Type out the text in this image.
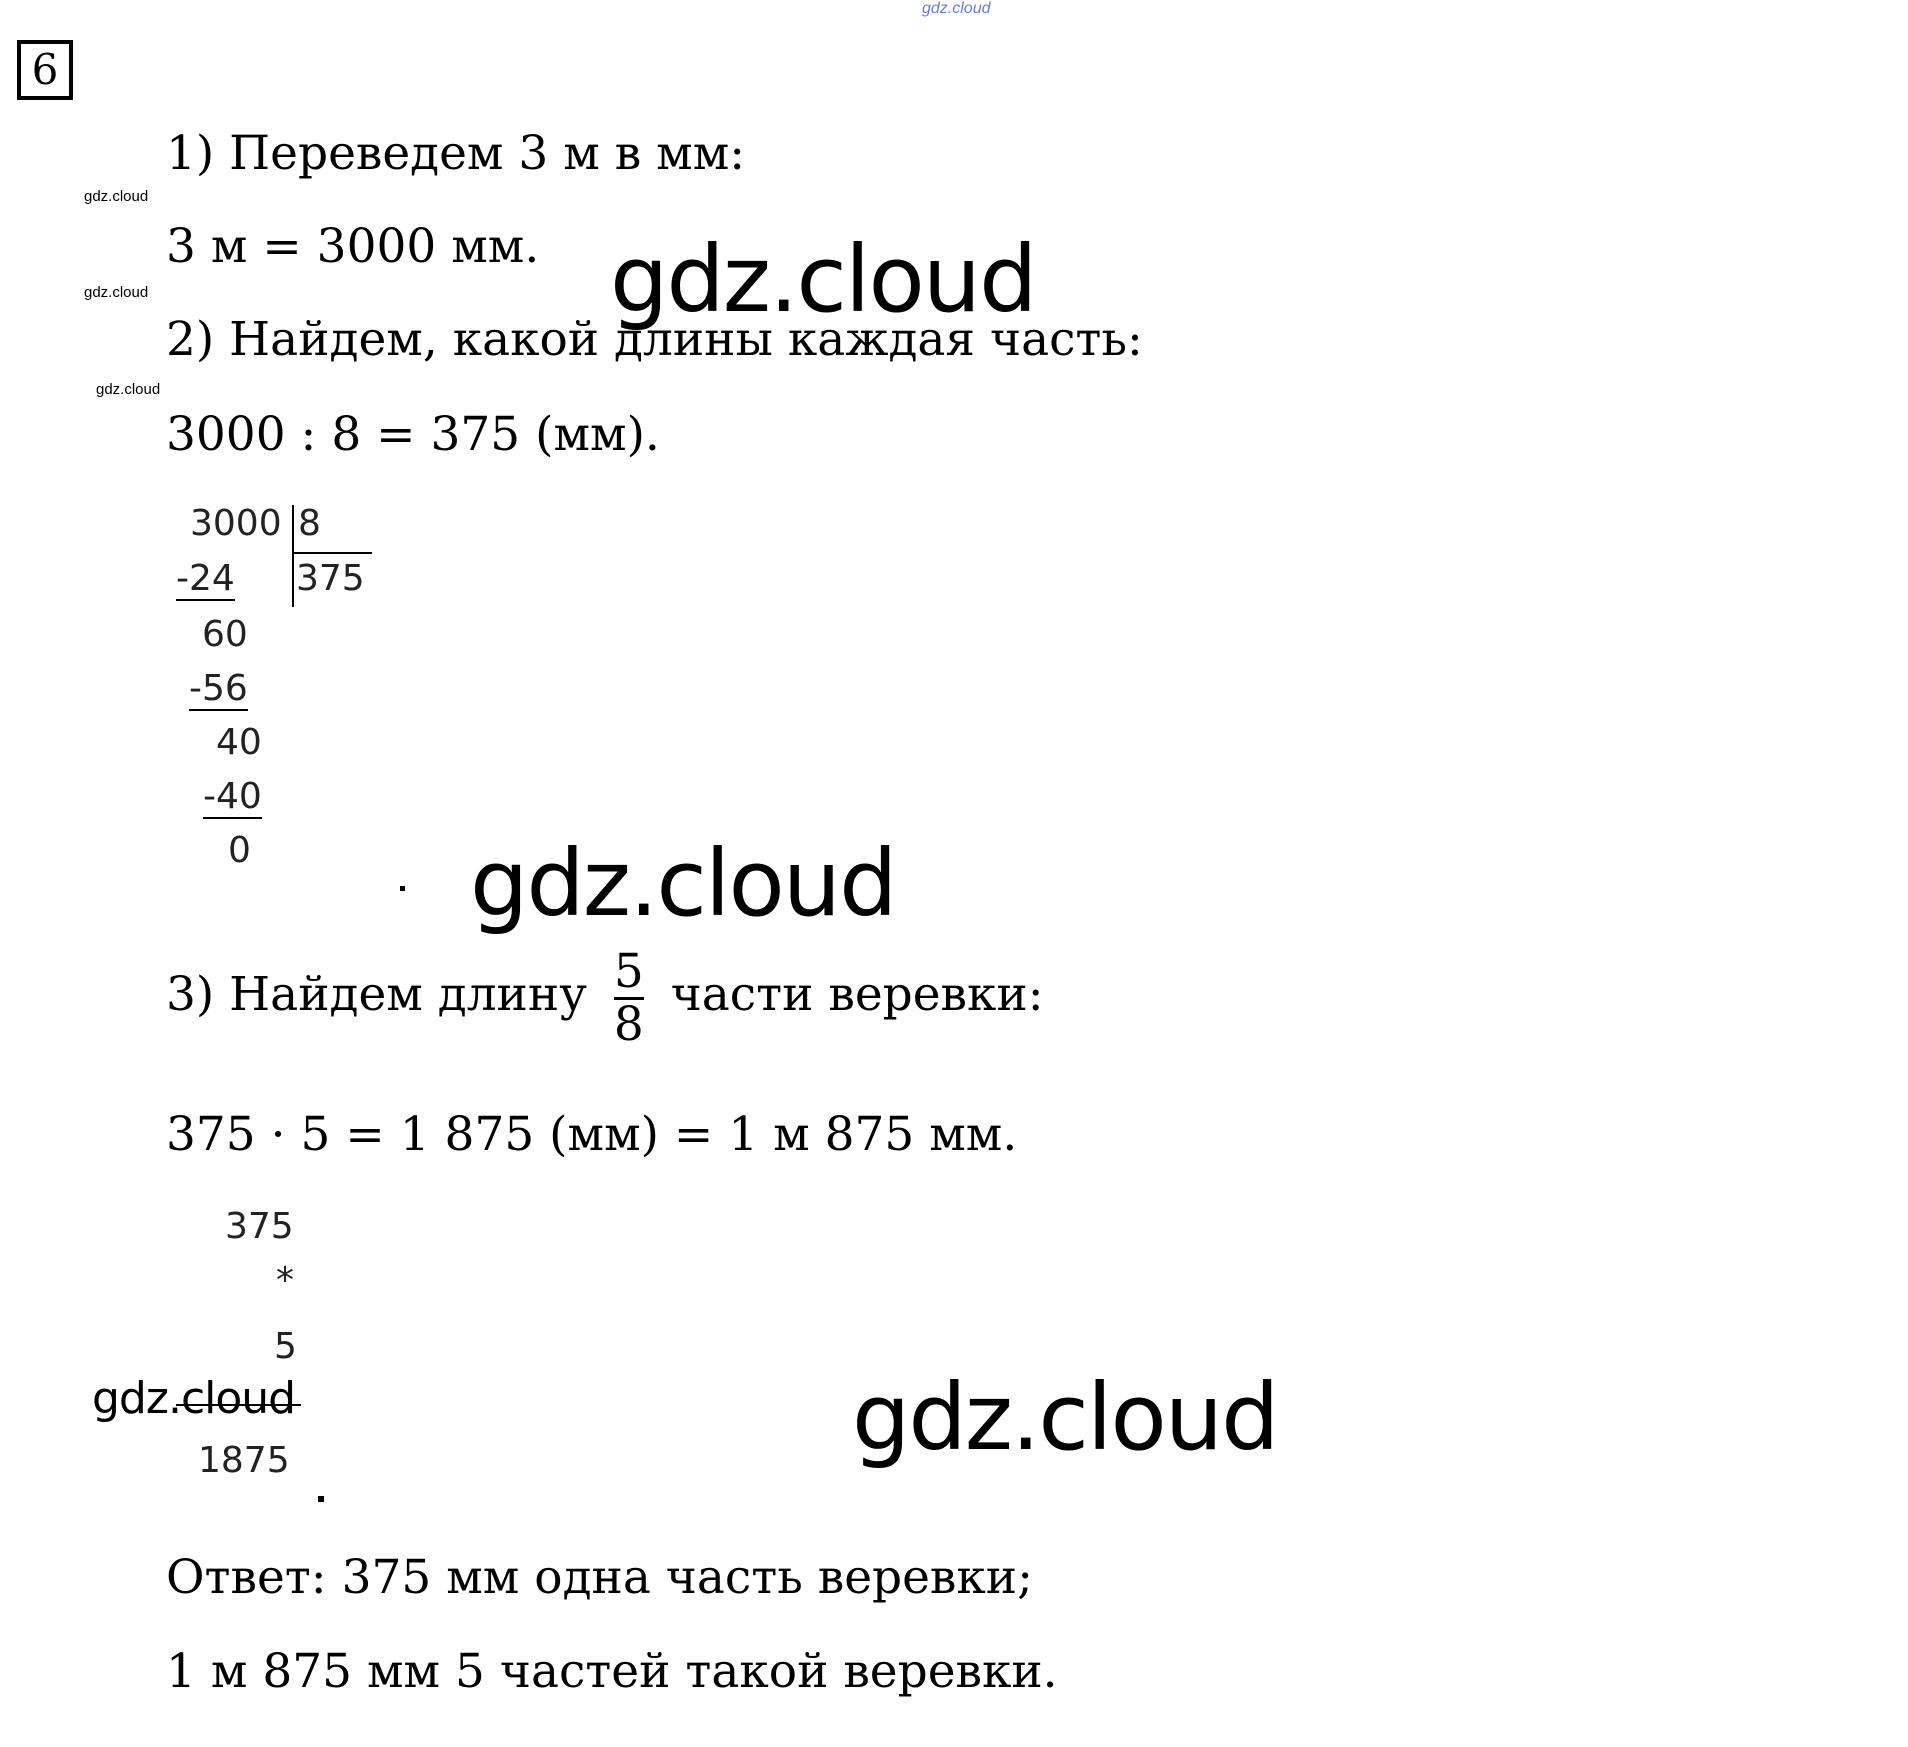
gdz.cloud
6
gdz.cloud
gdz.cloud
gdz.cloud
1) Переведем 3 м в мм:
3 м = 3000 мм. gdz.cloud
2) Найдем, какой длины каждая часть:
3000 : 8 = 375 (мм).
3000 8
375
-24
60
-56
40
-40
0 gdz.cloud
3) Найдем длину $\frac{5}{8}$ части веревки:
375 · 5 = 1 875 (мм) = 1 м 875 мм.
375
*
5
1875
gdz.cloud	gdz.cloud
Ответ: 375 мм одна часть веревки;
1 м 875 мм 5 частей такой веревки.
